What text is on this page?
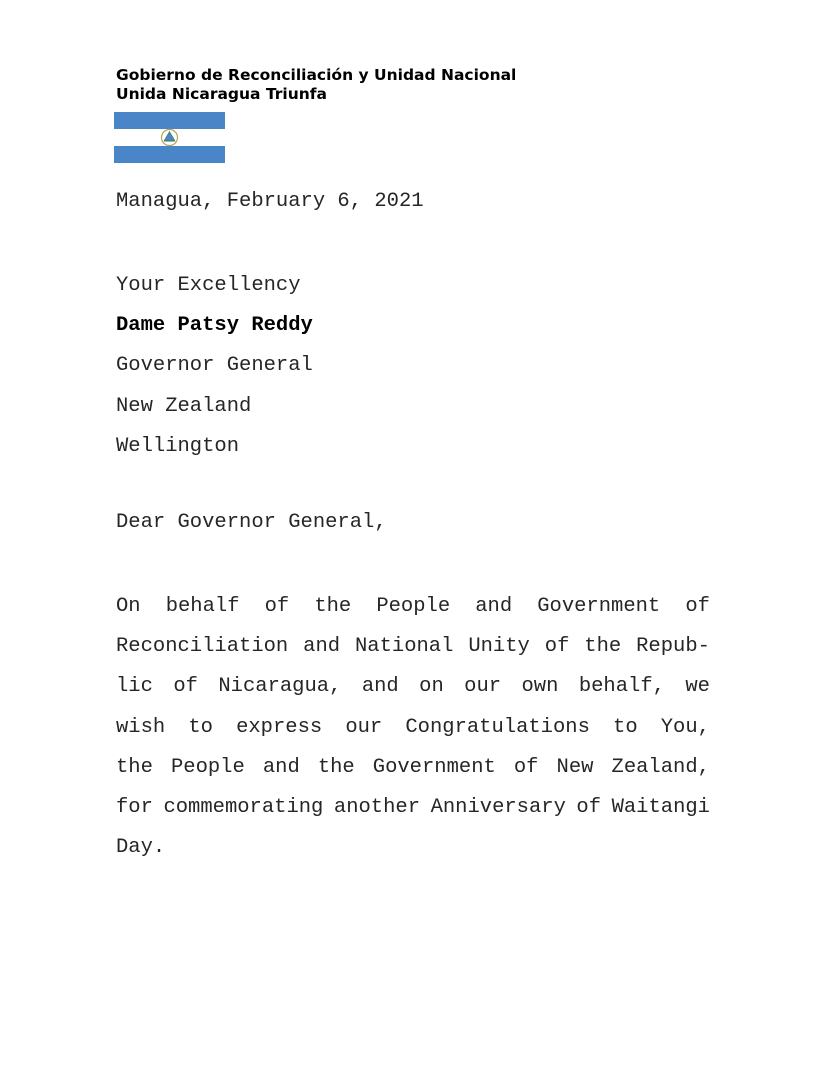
Gobierno de Reconciliación y Unidad Nacional
Unida Nicaragua Triunfa
Managua, February 6, 2021
Your Excellency
Dame Patsy Reddy
Governor General
New Zealand
Wellington
Dear Governor General,
On behalf of the People and Government of
Reconciliation and National Unity of the Repub-
lic of Nicaragua, and on our own behalf, we
wish to express our Congratulations to You,
the People and the Government of New Zealand,
for commemorating another Anniversary of Waitangi
Day.
